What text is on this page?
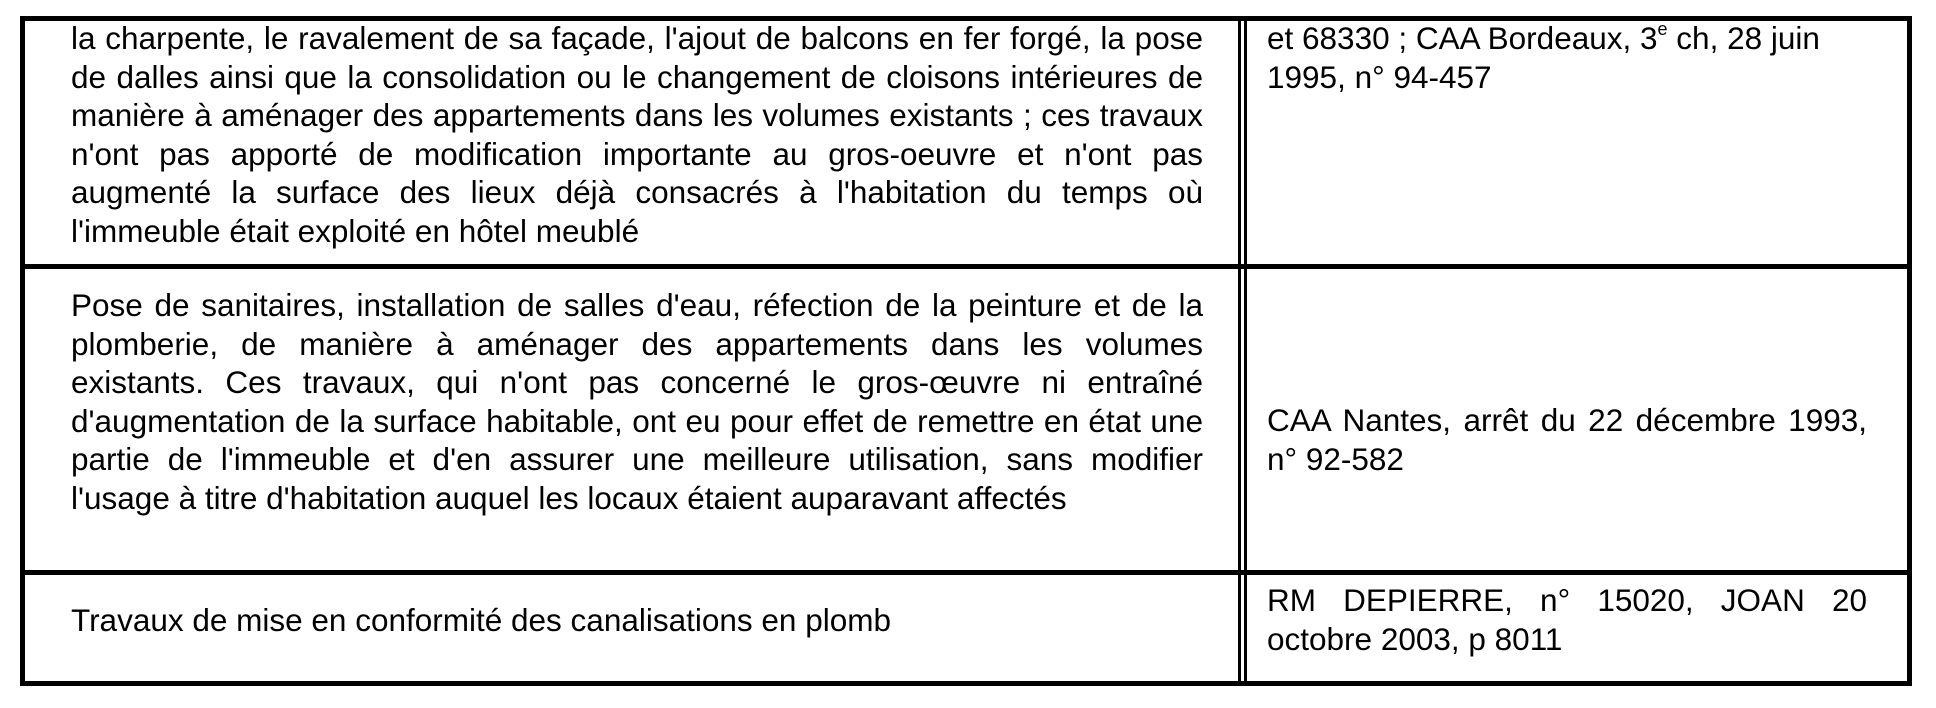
la charpente, le ravalement de sa façade, l'ajout de balcons en fer forgé, la pose de dalles ainsi que la consolidation ou le changement de cloisons intérieures de manière à aménager des appartements dans les volumes existants ; ces travaux n'ont pas apporté de modification importante au gros-oeuvre et n'ont pas augmenté la surface des lieux déjà consacrés à l'habitation du temps où l'immeuble était exploité en hôtel meublé
et 68330 ; CAA Bordeaux, 3e ch, 28 juin 1995, n° 94-457
Pose de sanitaires, installation de salles d'eau, réfection de la peinture et de la plomberie, de manière à aménager des appartements dans les volumes existants. Ces travaux, qui n'ont pas concerné le gros-œuvre ni entraîné d'augmentation de la surface habitable, ont eu pour effet de remettre en état une partie de l'immeuble et d'en assurer une meilleure utilisation, sans modifier l'usage à titre d'habitation auquel les locaux étaient auparavant affectés
CAA Nantes, arrêt du 22 décembre 1993, n° 92-582
Travaux de mise en conformité des canalisations en plomb
RM DEPIERRE, n° 15020, JOAN 20 octobre 2003, p 8011
